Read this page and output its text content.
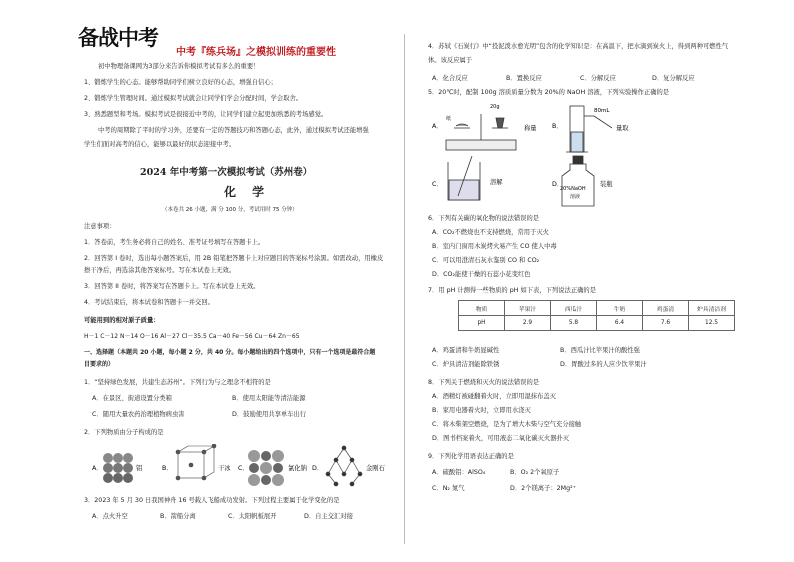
备战中考
中考『练兵场』之模拟训练的重要性
初中物理备课网为3部分来告诉你模拟考试有多么的重要！
1、锻炼学生的心态。能够帮助同学们树立良好的心态，增强自信心；
2、锻炼学生管理时间。通过模拟考试就会让同学们学会分配时间，学会取舍。
3、熟悉题型和考场。模拟考试是很接近中考的，让同学们建立起更加熟悉的考场感觉。
中考的周期除了平时的学习外，还要有一定的答题技巧和答题心态，此外，通过模拟考试还能增强
学生们面对高考的信心，能够以最好的状态迎接中考。
2024 年中考第一次模拟考试（苏州卷）
化 学
（本卷共 26 小题，满 分 100 分，考试用时 75 分钟）
注意事项：
1．答卷前，考生务必将自己的姓名、准考证号填写在答题卡上。
2．回答第 I 卷时，选出每小题答案后，用 2B 铅笔把答题卡上对应题目的答案标号涂黑。如需改动，用橡皮
擦干净后，再选涂其他答案标号。写在本试卷上无效。
3．回答第 II 卷时，将答案写在答题卡上。写在本试卷上无效。
4．考试结束后，将本试卷和答题卡一并交回。
可能用到的相对原子质量：
H－1 C－12 N－14 O－16 Al－27 Cl－35.5 Ca－40 Fe－56 Cu－64 Zn－65
一、选择题（本题共 20 小题，每小题 2 分，共 40 分。每小题给出的四个选项中，只有一个选项是最符合题
目要求的）
1．“坚持绿色发展，共建生态苏州”。下列行为与之理念不相符的是
A．在景区、街道设置分类箱	B．使用太阳能等清洁能源
C．随用大量农药治理植物病虫害	D．鼓励使用共享单车出行
2．下列物质由分子构成的是
A．	铝	B．	干冰 C．	氯化钠 D．	金刚石
3．2023 年 5 月 30 日我国神舟 16 号载人飞船成功发射。下列过程主要属于化学变化的是
A．点火升空	B．箭船分离	C．太阳帆板展开	D．自主交汇对接
4．苏轼《石炭行》中“投泥泼水愈光明”包含的化学知识是：在高温下，把水滴到炭火上，得到两种可燃性气
体。该反应属于
A．化合反应	B．置换反应	C．分解反应	D．复分解反应
5．20℃时，配制 100g 溶质质量分数为 20%的 NaOH 溶液，下列实验操作正确的是
A．
纸
20g
称量 B．
80mL
量取
C．	溶解	D．
20%NaOH
溶液
装瓶
6．下列有关碳的氧化物的说法错误的是
A．CO₂不燃烧也不支持燃烧，常用于灭火
B．室内门窗用木炭烤火易产生 CO 使人中毒
C．可以用澄清石灰水鉴别 CO 和 CO₂
D．CO₂能使干燥的石蕊小花变红色
7．用 pH 计测得一些物质的 pH 如下表，下列说法正确的是
物质	苹果汁	西瓜汁	牛奶	鸡蛋清	炉具清洁剂
pH	2.9	5.8	6.4	7.6	12.5
A．鸡蛋清和牛奶显碱性	B．西瓜汁比苹果汁的酸性强
C．炉具清洁剂能除铁锈	D．胃酸过多的人应少饮苹果汁
8．下列关于燃烧和灭火的说法错误的是
A．酒精灯被碰翻着火时，立即用湿抹布盖灭
B．家用电器着火时，立即用水浇灭
C．将木柴架空燃烧，是为了增大木柴与空气充分接触
D．图书档案着火，可用液态二氧化碳灭火器扑灭
9．下列化学用语表达正确的是
A．硫酸铝：AlSO₄	B．O₂ 2个氧原子
C．N₂ 氮气	D．2个镁离子：2Mg²⁺
